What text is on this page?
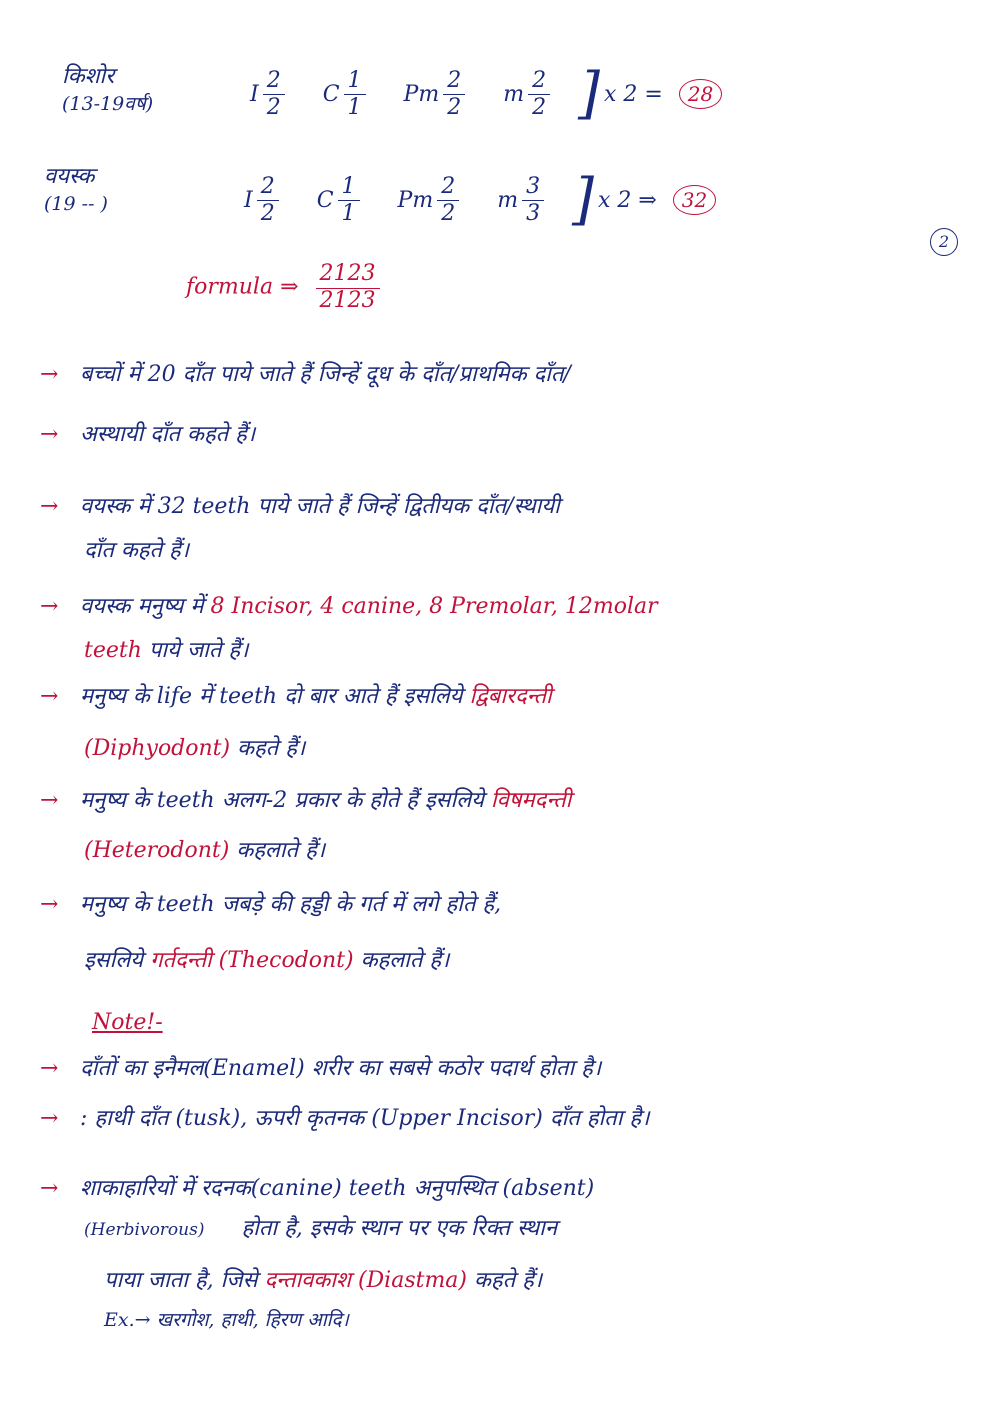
किशोर
(13-19वर्ष)	I $\frac{2}{2}$ C $\frac{1}{1}$ Pm $\frac{2}{2}$ m $\frac{2}{2}$ ] x 2 =	28
वयस्क
(19 -- )	I $\frac{2}{2}$ C $\frac{1}{1}$ Pm $\frac{2}{2}$ m $\frac{3}{3}$ ] x 2 ⇒	32
2
formula ⇒ $\frac{2123}{2123}$
→ बच्चों में 20 दाँत पाये जाते हैं जिन्हें दूध के दाँत/प्राथमिक दाँत/
→ अस्थायी दाँत कहते हैं।
→ वयस्क में 32 teeth पाये जाते हैं जिन्हें द्वितीयक दाँत/स्थायी
दाँत कहते हैं।
→ वयस्क मनुष्य में 8 Incisor, 4 canine, 8 Premolar, 12molar
teeth पाये जाते हैं।
→ मनुष्य के life में teeth दो बार आते हैं इसलिये द्विबारदन्ती
(Diphyodont) कहते हैं।
→ मनुष्य के teeth अलग-2 प्रकार के होते हैं इसलिये विषमदन्ती
(Heterodont) कहलाते हैं।
→ मनुष्य के teeth जबड़े की हड्डी के गर्त में लगे होते हैं,
इसलिये गर्तदन्ती (Thecodont) कहलाते हैं।
Note!-
→ दाँतों का इनैमल(Enamel) शरीर का सबसे कठोर पदार्थ होता है।
→ : हाथी दाँत (tusk), ऊपरी कृतनक (Upper Incisor) दाँत होता है।
→ शाकाहारियों में रदनक(canine) teeth अनुपस्थित (absent)
(Herbivorous) होता है, इसके स्थान पर एक रिक्त स्थान
पाया जाता है, जिसे दन्तावकाश (Diastma) कहते हैं।
Ex.→ खरगोश, हाथी, हिरण आदि।
